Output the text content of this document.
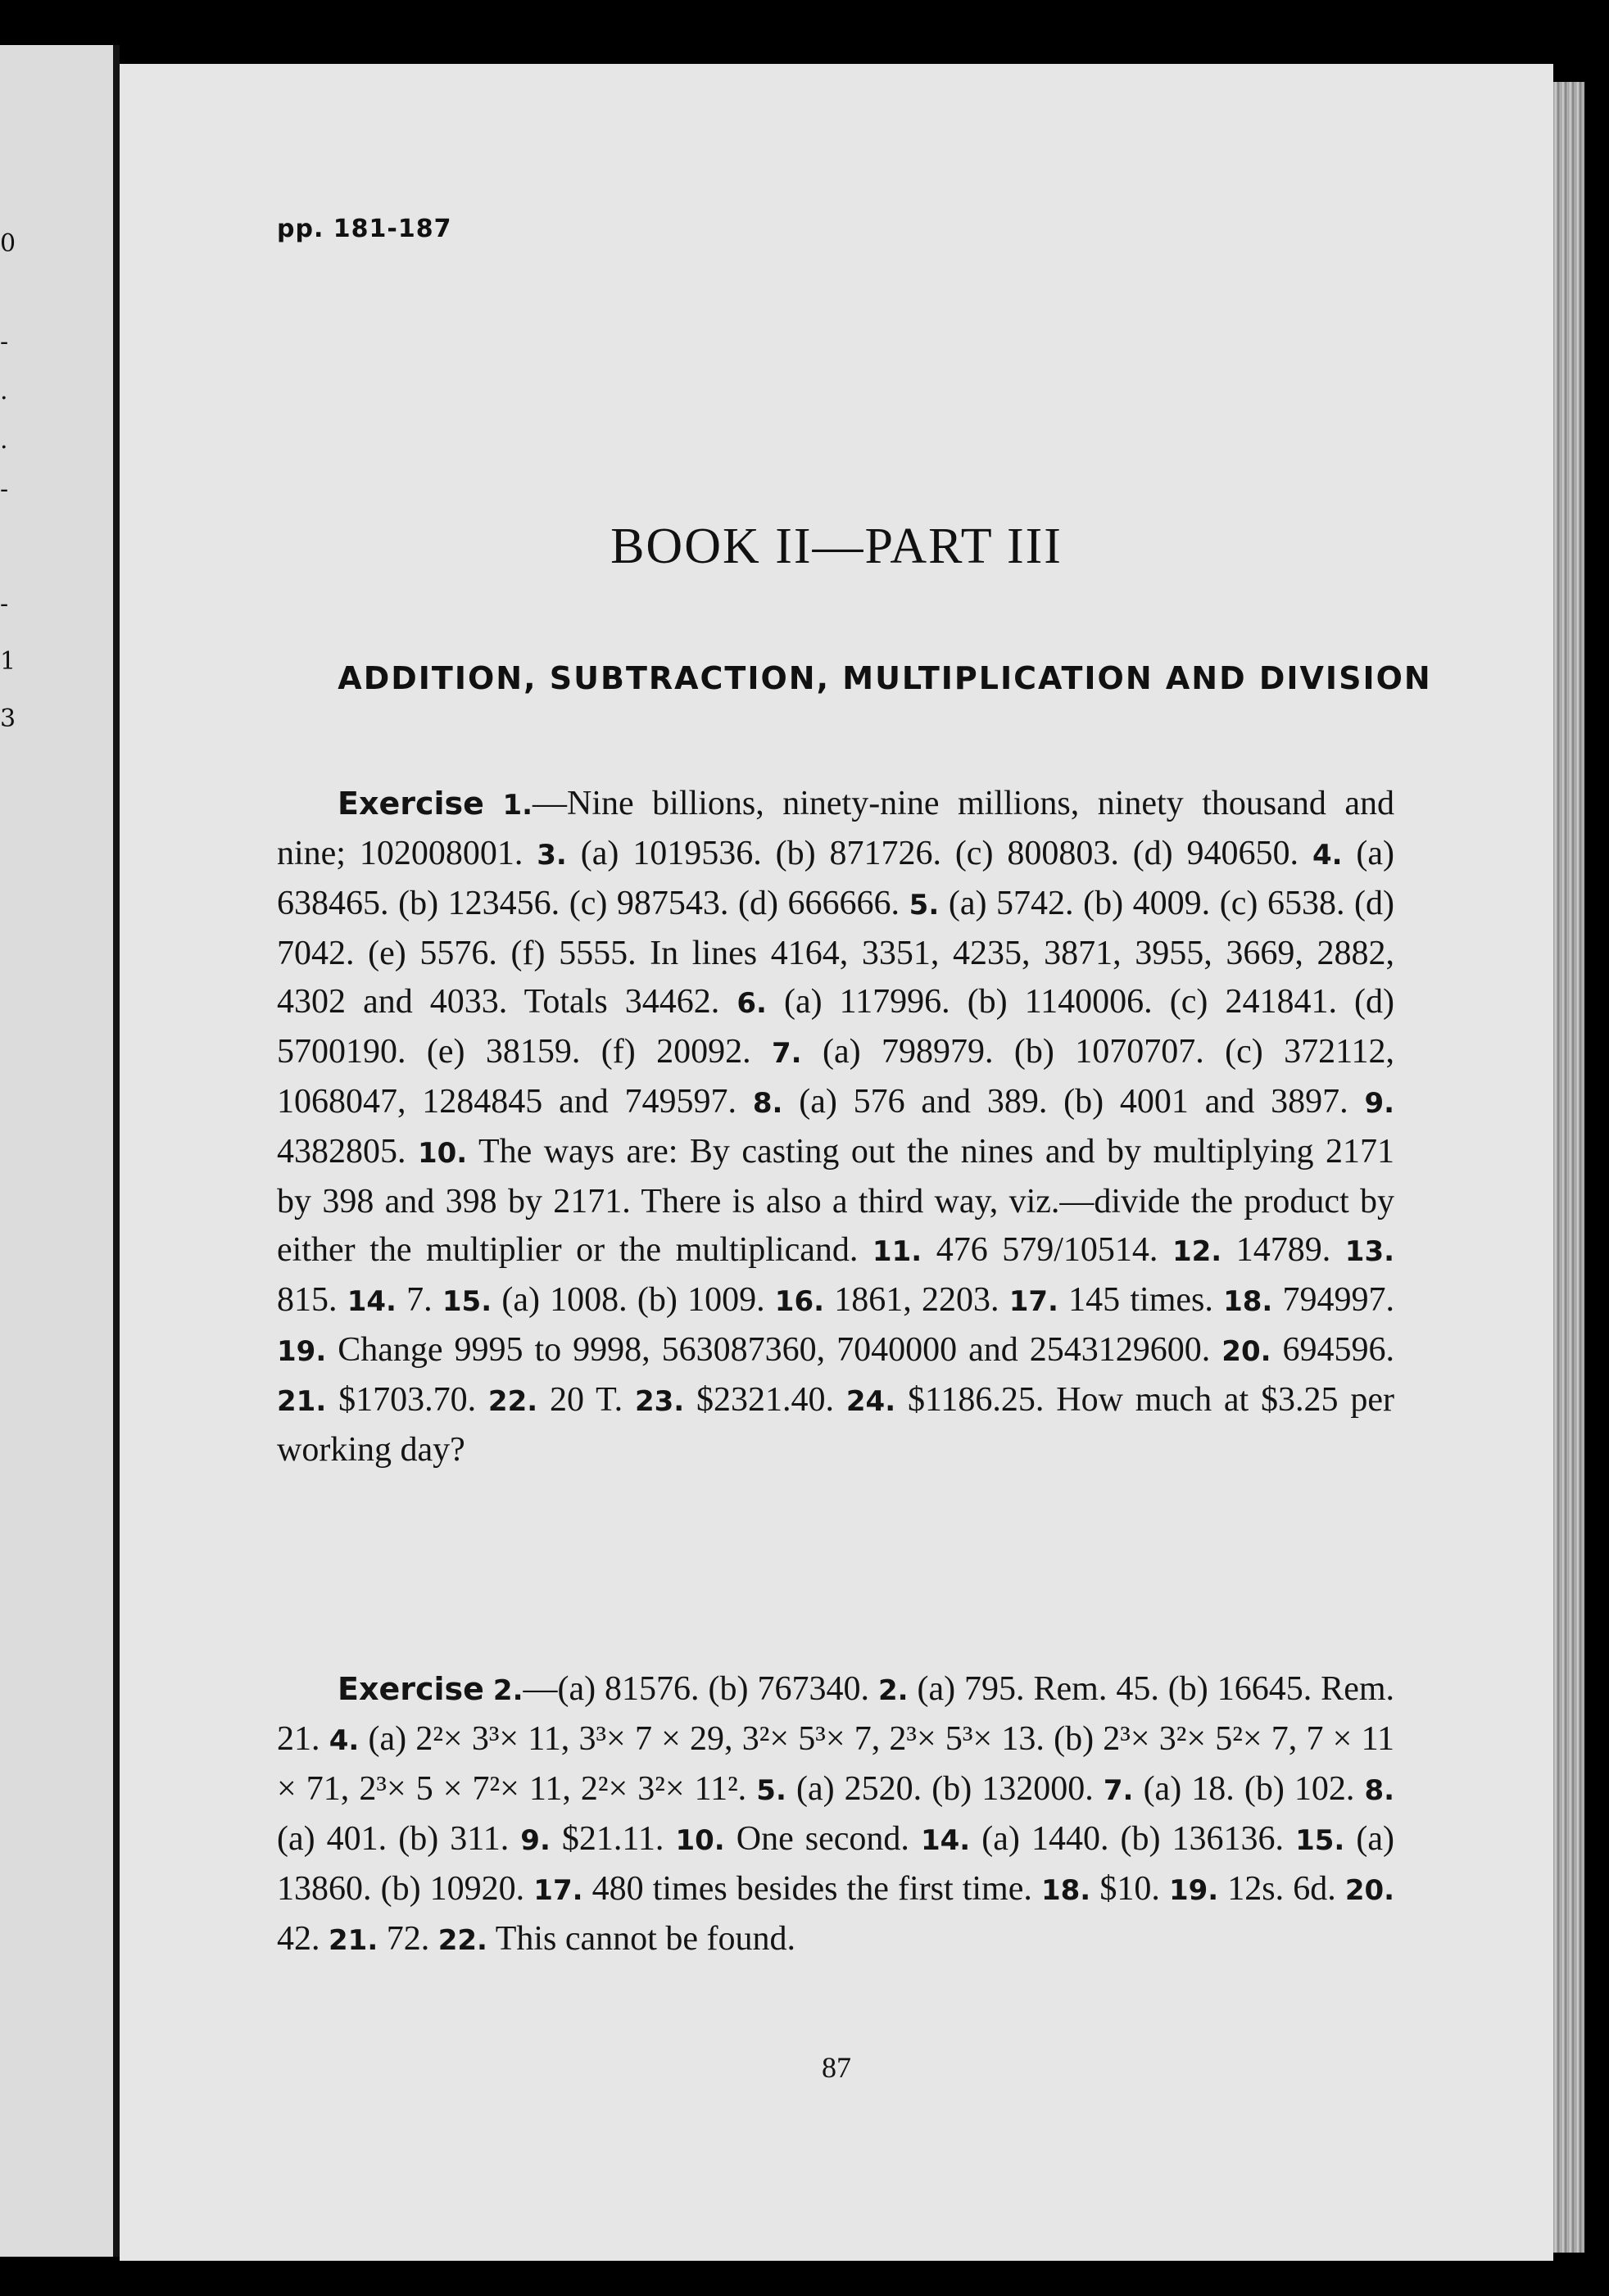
0
-
.
.
-
-
1
3
pp. 181-187
BOOK II—PART III
ADDITION, SUBTRACTION, MULTIPLICATION AND DIVISION

Exercise 1.—Nine billions, ninety-nine millions, ninety thousand and nine; 102008001. 3. (a) 1019536. (b) 871726. (c) 800803. (d) 940650. 4. (a) 638465. (b) 123456. (c) 987543. (d) 666666. 5. (a) 5742. (b) 4009. (c) 6538. (d) 7042. (e) 5576. (f) 5555. In lines 4164, 3351, 4235, 3871, 3955, 3669, 2882, 4302 and 4033. Totals 34462. 6. (a) 117996. (b) 1140006. (c) 241841. (d) 5700190. (e) 38159. (f) 20092. 7. (a) 798979. (b) 1070707. (c) 372112, 1068047, 1284845 and 749597. 8. (a) 576 and 389. (b) 4001 and 3897. 9. 4382805. 10. The ways are: By casting out the nines and by multiplying 2171 by 398 and 398 by 2171. There is also a third way, viz.—divide the product by either the multiplier or the multiplicand. 11. 476 579/10514. 12. 14789. 13. 815. 14. 7. 15. (a) 1008. (b) 1009. 16. 1861, 2203. 17. 145 times. 18. 794997. 19. Change 9995 to 9998, 563087360, 7040000 and 2543129600. 20. 694596. 21. $1703.70. 22. 20 T. 23. $2321.40. 24. $1186.25. How much at $3.25 per working day?

Exercise 2.—(a) 81576. (b) 767340. 2. (a) 795. Rem. 45. (b) 16645. Rem. 21. 4. (a) 2²× 3³× 11, 3³× 7 × 29, 3²× 5³× 7, 2³× 5³× 13. (b) 2³× 3²× 5²× 7, 7 × 11 × 71, 2³× 5 × 7²× 11, 2²× 3²× 11². 5. (a) 2520. (b) 132000. 7. (a) 18. (b) 102. 8. (a) 401. (b) 311. 9. $21.11. 10. One second. 14. (a) 1440. (b) 136136. 15. (a) 13860. (b) 10920. 17. 480 times besides the first time. 18. $10. 19. 12s. 6d. 20. 42. 21. 72. 22. This cannot be found.

87
